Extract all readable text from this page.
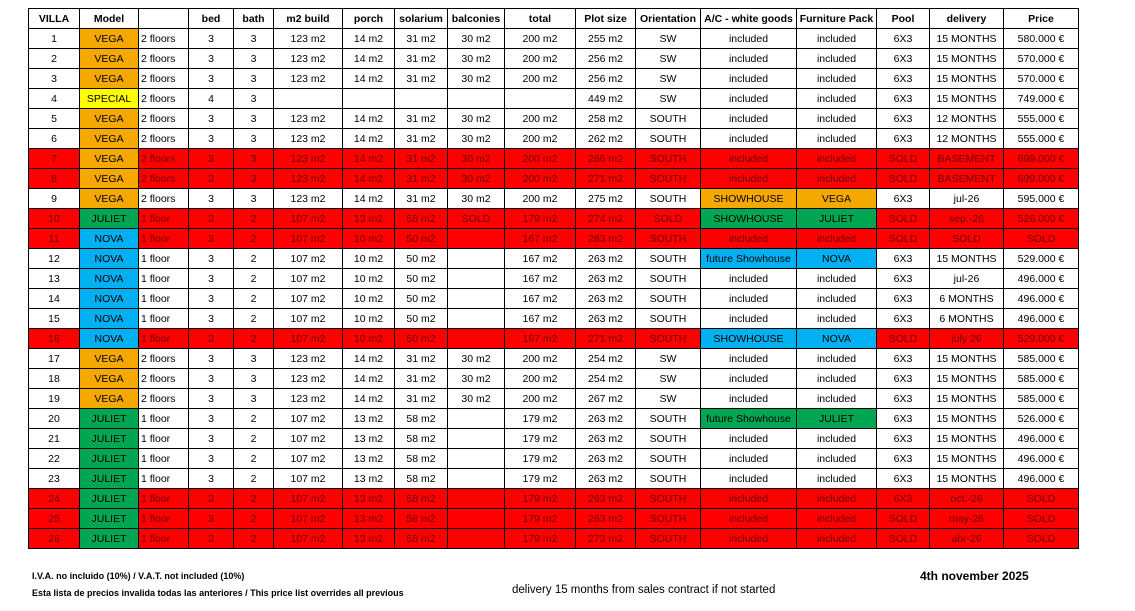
VILLA	Model		bed	bath	m2 build	porch	solarium	balconies	total	Plot size	Orientation	A/C - white goods	Furniture Pack	Pool	delivery	Price
1	VEGA	2 floors	3	3	123 m2	14 m2	31 m2	30 m2	200 m2	255 m2	SW	included	included	6X3	15 MONTHS	580.000 €
2	VEGA	2 floors	3	3	123 m2	14 m2	31 m2	30 m2	200 m2	256 m2	SW	included	included	6X3	15 MONTHS	570.000 €
3	VEGA	2 floors	3	3	123 m2	14 m2	31 m2	30 m2	200 m2	256 m2	SW	included	included	6X3	15 MONTHS	570.000 €
4	SPECIAL	2 floors	4	3						449 m2	SW	included	included	6X3	15 MONTHS	749.000 €
5	VEGA	2 floors	3	3	123 m2	14 m2	31 m2	30 m2	200 m2	258 m2	SOUTH	included	included	6X3	12 MONTHS	555.000 €
6	VEGA	2 floors	3	3	123 m2	14 m2	31 m2	30 m2	200 m2	262 m2	SOUTH	included	included	6X3	12 MONTHS	555.000 €
7	VEGA	2 floors	3	3	123 m2	14 m2	31 m2	30 m2	200 m2	266 m2	SOUTH	included	included	SOLD	BASEMENT	699.000 €
8	VEGA	2 floors	3	3	123 m2	14 m2	31 m2	30 m2	200 m2	271 m2	SOUTH	included	included	SOLD	BASEMENT	699.000 €
9	VEGA	2 floors	3	3	123 m2	14 m2	31 m2	30 m2	200 m2	275 m2	SOUTH	SHOWHOUSE	VEGA	6X3	jul-26	595.000 €
10	JULIET	1 floor	3	2	107 m2	13 m2	58 m2	SOLD	179 m2	274 m2	SOLD	SHOWHOUSE	JULIET	SOLD	sep.-26	526.000 €
11	NOVA	1 floor	3	2	107 m2	10 m2	50 m2		167 m2	283 m2	SOUTH	included	included	SOLD	SOLD	SOLD
12	NOVA	1 floor	3	2	107 m2	10 m2	50 m2		167 m2	263 m2	SOUTH	future Showhouse	NOVA	6X3	15 MONTHS	529.000 €
13	NOVA	1 floor	3	2	107 m2	10 m2	50 m2		167 m2	263 m2	SOUTH	included	included	6X3	jul-26	496.000 €
14	NOVA	1 floor	3	2	107 m2	10 m2	50 m2		167 m2	263 m2	SOUTH	included	included	6X3	6 MONTHS	496.000 €
15	NOVA	1 floor	3	2	107 m2	10 m2	50 m2		167 m2	263 m2	SOUTH	included	included	6X3	6 MONTHS	496.000 €
16	NOVA	1 floor	3	2	107 m2	10 m2	50 m2		167 m2	271 m2	SOUTH	SHOWHOUSE	NOVA	SOLD	july 26	529.000 €
17	VEGA	2 floors	3	3	123 m2	14 m2	31 m2	30 m2	200 m2	254 m2	SW	included	included	6X3	15 MONTHS	585.000 €
18	VEGA	2 floors	3	3	123 m2	14 m2	31 m2	30 m2	200 m2	254 m2	SW	included	included	6X3	15 MONTHS	585.000 €
19	VEGA	2 floors	3	3	123 m2	14 m2	31 m2	30 m2	200 m2	267 m2	SW	included	included	6X3	15 MONTHS	585.000 €
20	JULIET	1 floor	3	2	107 m2	13 m2	58 m2		179 m2	263 m2	SOUTH	future Showhouse	JULIET	6X3	15 MONTHS	526.000 €
21	JULIET	1 floor	3	2	107 m2	13 m2	58 m2		179 m2	263 m2	SOUTH	included	included	6X3	15 MONTHS	496.000 €
22	JULIET	1 floor	3	2	107 m2	13 m2	58 m2		179 m2	263 m2	SOUTH	included	included	6X3	15 MONTHS	496.000 €
23	JULIET	1 floor	3	2	107 m2	13 m2	58 m2		179 m2	263 m2	SOUTH	included	included	6X3	15 MONTHS	496.000 €
24	JULIET	1 floor	3	2	107 m2	13 m2	58 m2		179 m2	263 m2	SOUTH	included	included	6X3	oct.-26	SOLD
25	JULIET	1 floor	3	2	107 m2	13 m2	58 m2		179 m2	263 m2	SOUTH	included	included	SOLD	may-26	SOLD
26	JULIET	1 floor	3	2	107 m2	13 m2	58 m2		179 m2	273 m2	SOUTH	included	included	SOLD	abr-26	SOLD
I.V.A. no incluido (10%) / V.A.T. not included (10%)
Esta lista de precios invalida todas las anteriores / This price list overrides all previous	delivery 15 months from sales contract if not started
4th november 2025
